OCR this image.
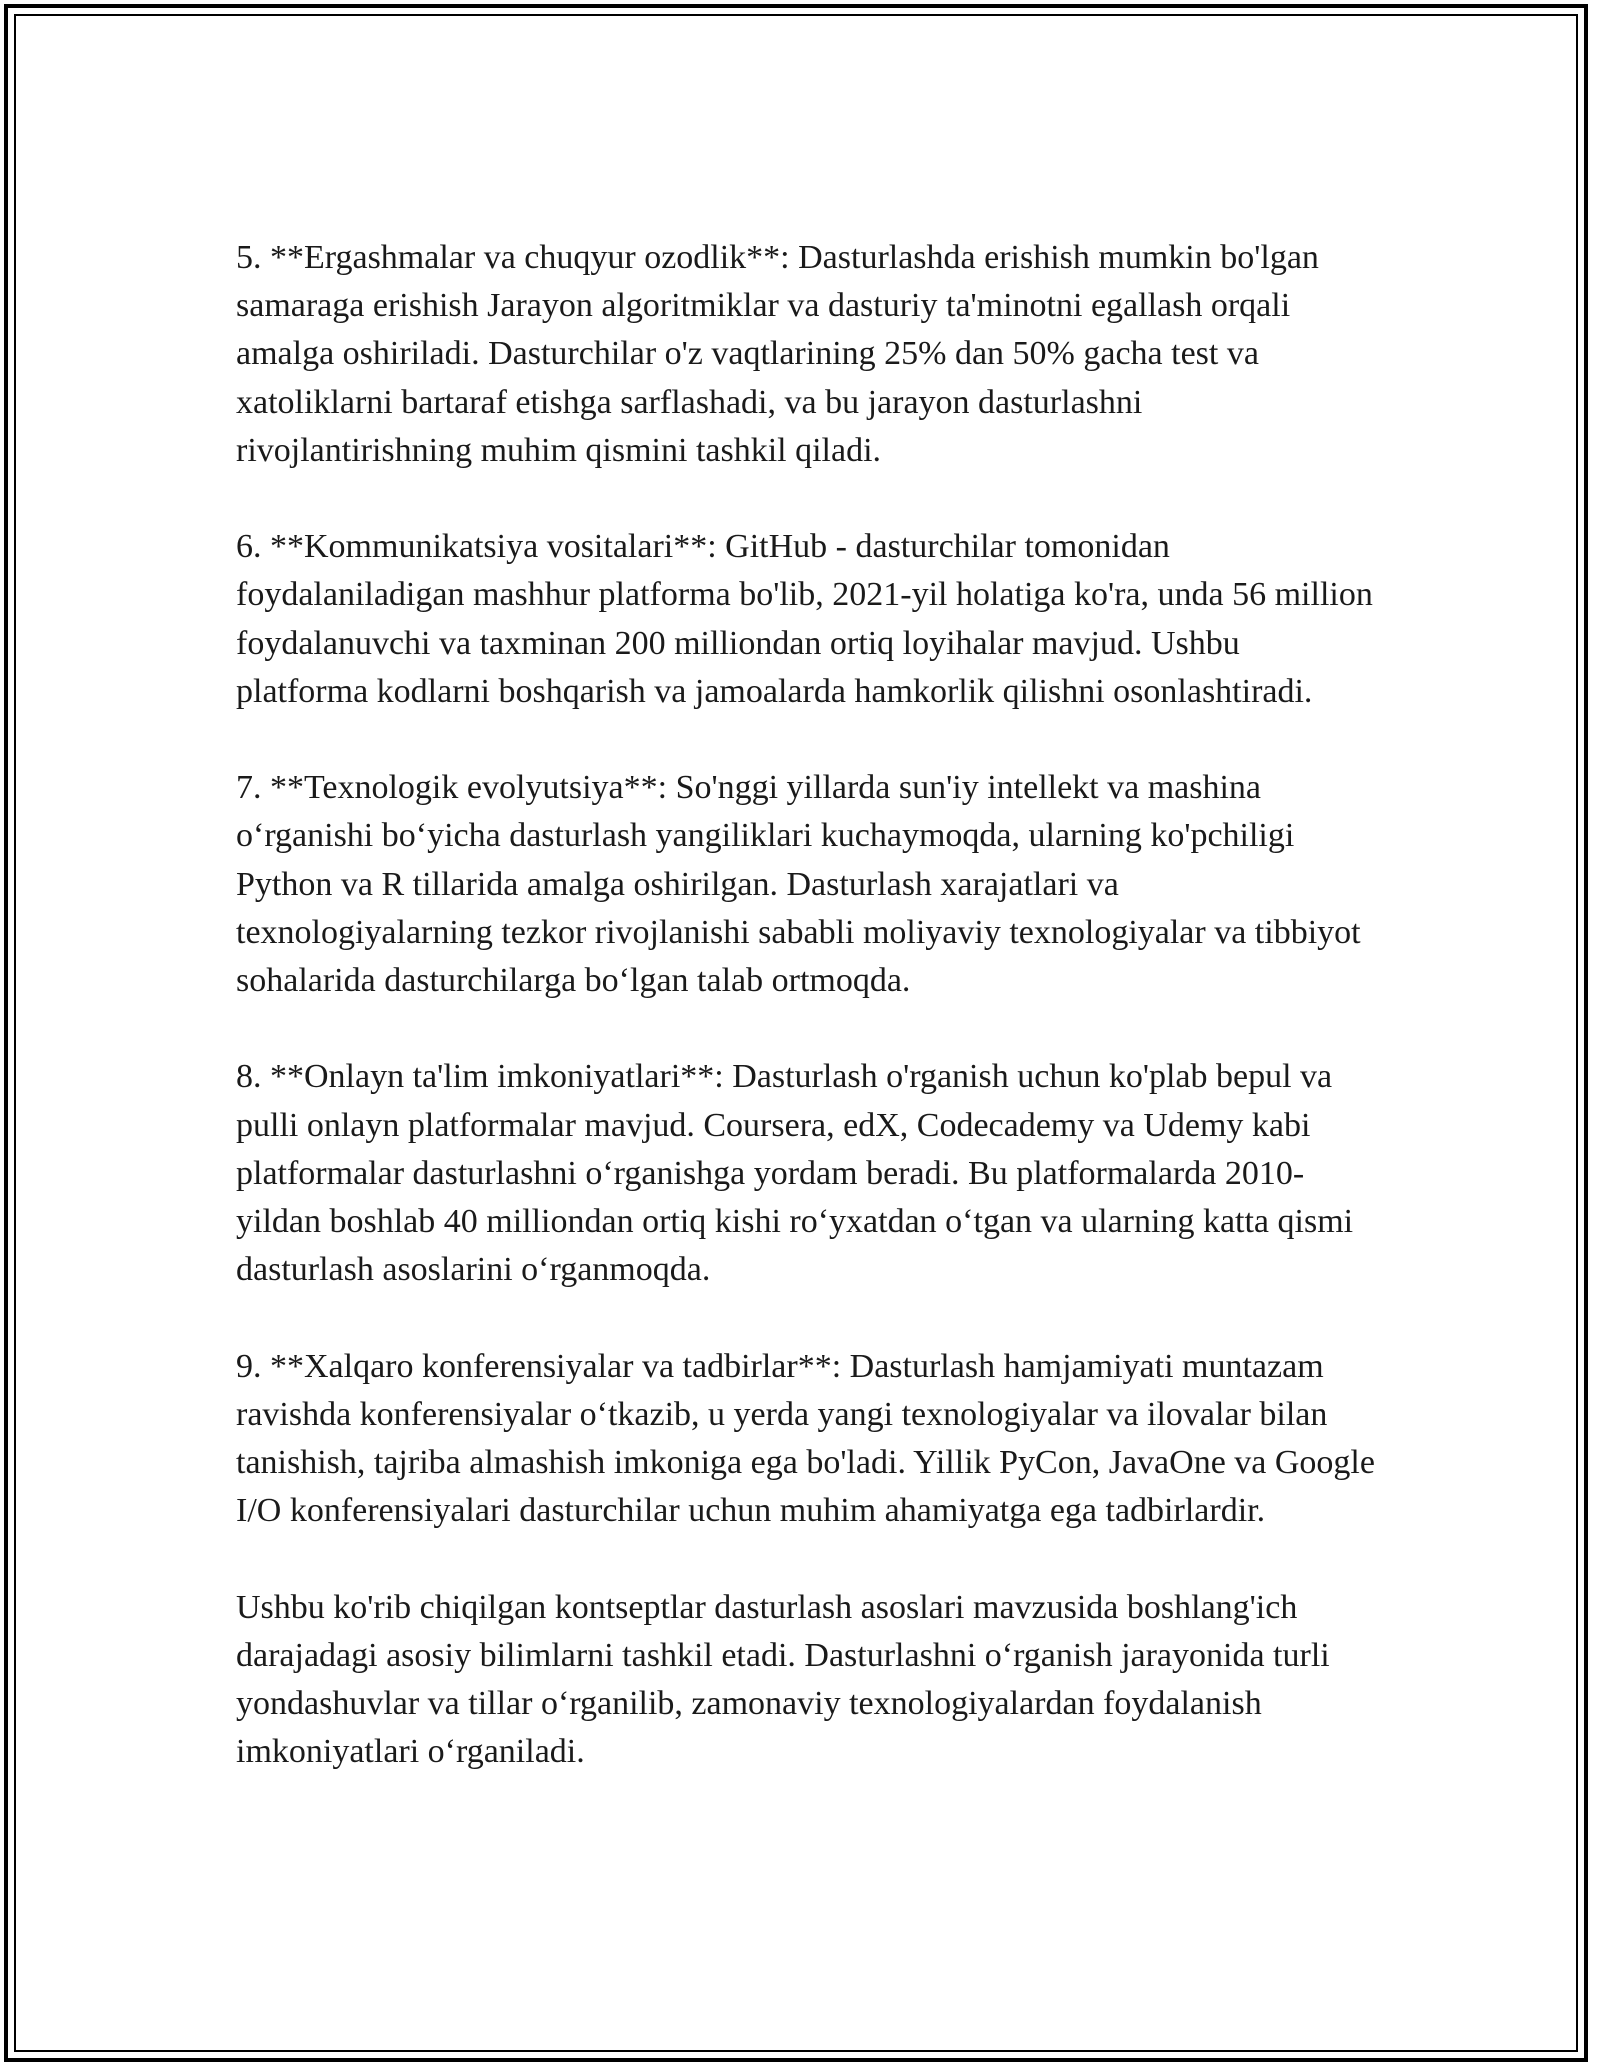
5. **Ergashmalar va chuqyur ozodlik**: Dasturlashda erishish mumkin bo'lgan samaraga erishish Jarayon algoritmiklar va dasturiy ta'minotni egallash orqali amalga oshiriladi. Dasturchilar o'z vaqtlarining 25% dan 50% gacha test va xatoliklarni bartaraf etishga sarflashadi, va bu jarayon dasturlashni rivojlantirishning muhim qismini tashkil qiladi.

6. **Kommunikatsiya vositalari**: GitHub - dasturchilar tomonidan foydalaniladigan mashhur platforma bo'lib, 2021-yil holatiga ko'ra, unda 56 million foydalanuvchi va taxminan 200 milliondan ortiq loyihalar mavjud. Ushbu platforma kodlarni boshqarish va jamoalarda hamkorlik qilishni osonlashtiradi.

7. **Texnologik evolyutsiya**: So'nggi yillarda sun'iy intellekt va mashina o‘rganishi bo‘yicha dasturlash yangiliklari kuchaymoqda, ularning ko'pchiligi Python va R tillarida amalga oshirilgan. Dasturlash xarajatlari va texnologiyalarning tezkor rivojlanishi sababli moliyaviy texnologiyalar va tibbiyot sohalarida dasturchilarga bo‘lgan talab ortmoqda.

8. **Onlayn ta'lim imkoniyatlari**: Dasturlash o'rganish uchun ko'plab bepul va pulli onlayn platformalar mavjud. Coursera, edX, Codecademy va Udemy kabi platformalar dasturlashni o‘rganishga yordam beradi. Bu platformalarda 2010-yildan boshlab 40 milliondan ortiq kishi ro‘yxatdan o‘tgan va ularning katta qismi dasturlash asoslarini o‘rganmoqda.

9. **Xalqaro konferensiyalar va tadbirlar**: Dasturlash hamjamiyati muntazam ravishda konferensiyalar o‘tkazib, u yerda yangi texnologiyalar va ilovalar bilan tanishish, tajriba almashish imkoniga ega bo'ladi. Yillik PyCon, JavaOne va Google I/O konferensiyalari dasturchilar uchun muhim ahamiyatga ega tadbirlardir.

Ushbu ko'rib chiqilgan kontseptlar dasturlash asoslari mavzusida boshlang'ich darajadagi asosiy bilimlarni tashkil etadi. Dasturlashni o‘rganish jarayonida turli yondashuvlar va tillar o‘rganilib, zamonaviy texnologiyalardan foydalanish imkoniyatlari o‘rganiladi.
